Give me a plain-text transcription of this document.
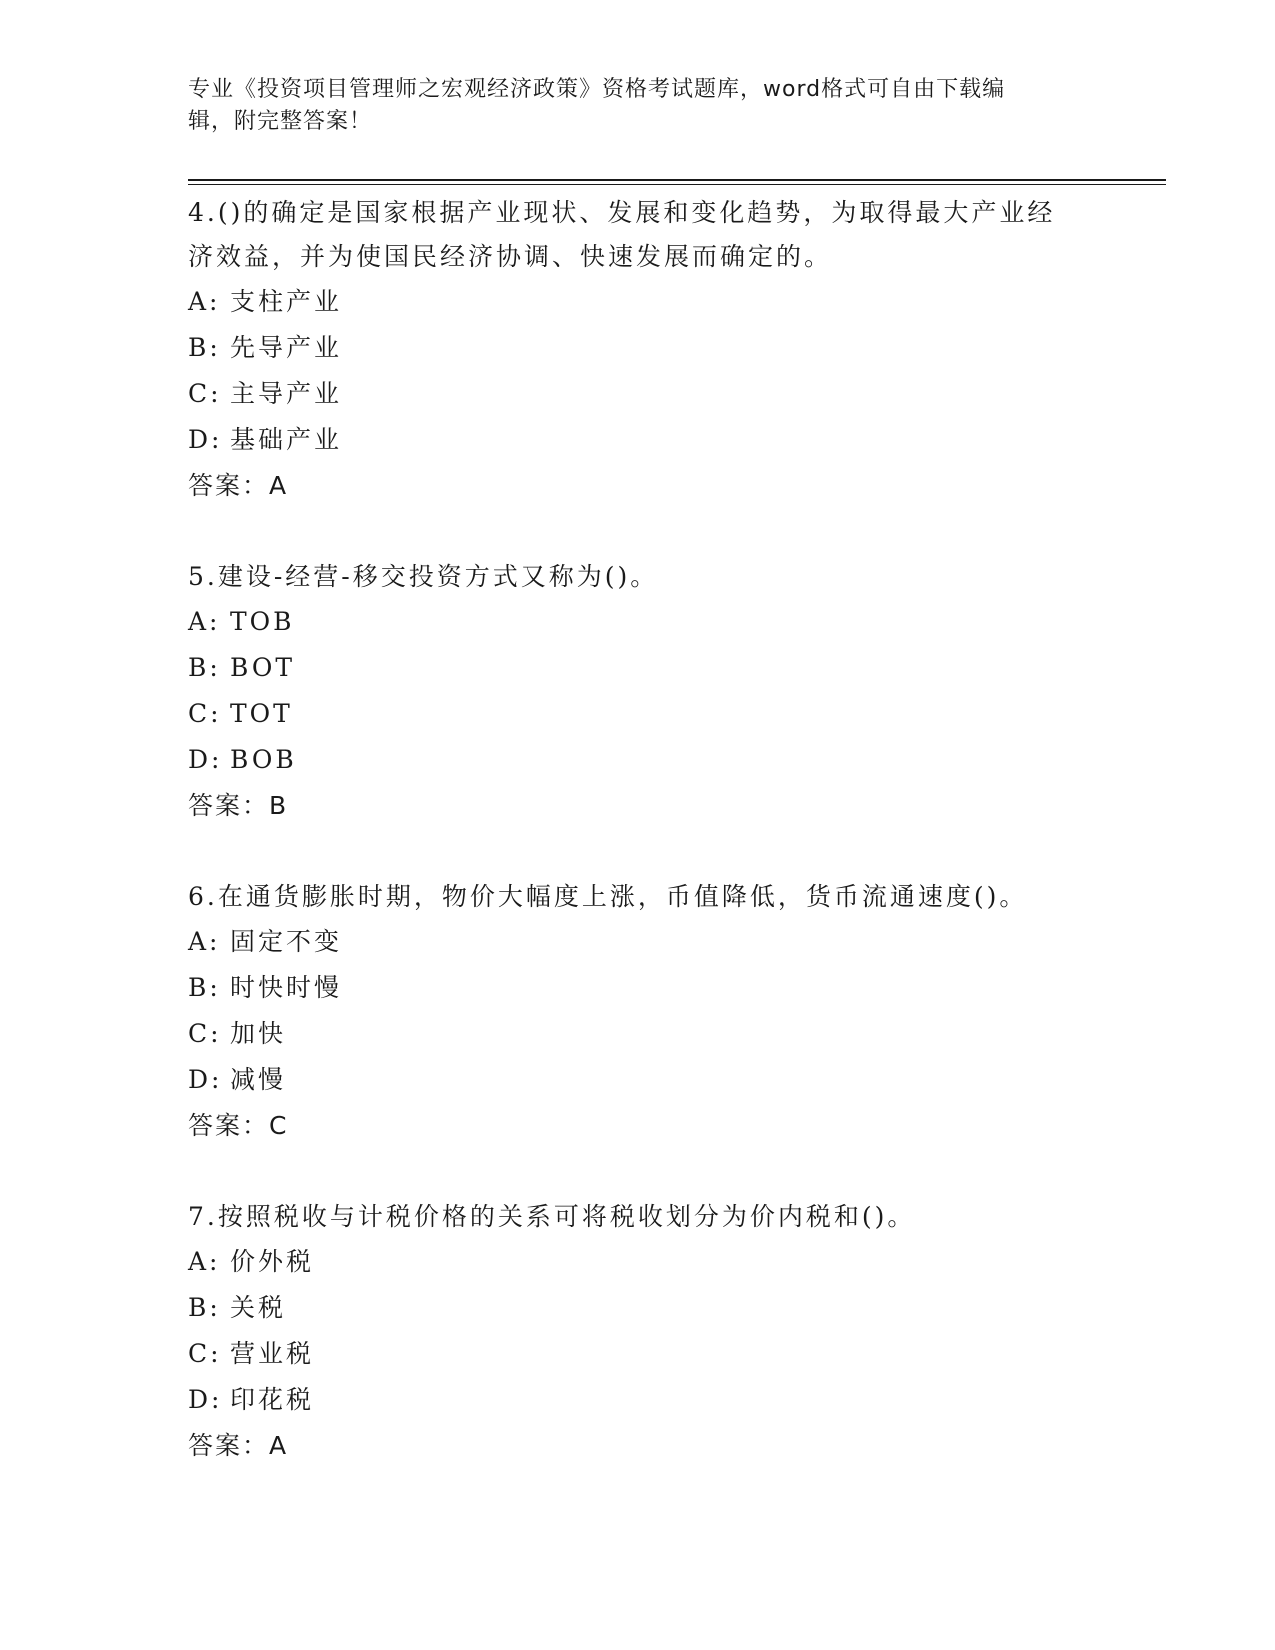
专业《投资项目管理师之宏观经济政策》资格考试题库，word格式可自由下载编
辑，附完整答案！
4.()的确定是国家根据产业现状、发展和变化趋势，为取得最大产业经济效益，并为使国民经济协调、快速发展而确定的。
A: 支柱产业
B: 先导产业
C: 主导产业
D: 基础产业
答案：A
5.建设-经营-移交投资方式又称为()。
A: TOB
B: BOT
C: TOT
D: BOB
答案：B
6.在通货膨胀时期，物价大幅度上涨，币值降低，货币流通速度()。
A: 固定不变
B: 时快时慢
C: 加快
D: 减慢
答案：C
7.按照税收与计税价格的关系可将税收划分为价内税和()。
A: 价外税
B: 关税
C: 营业税
D: 印花税
答案：A
